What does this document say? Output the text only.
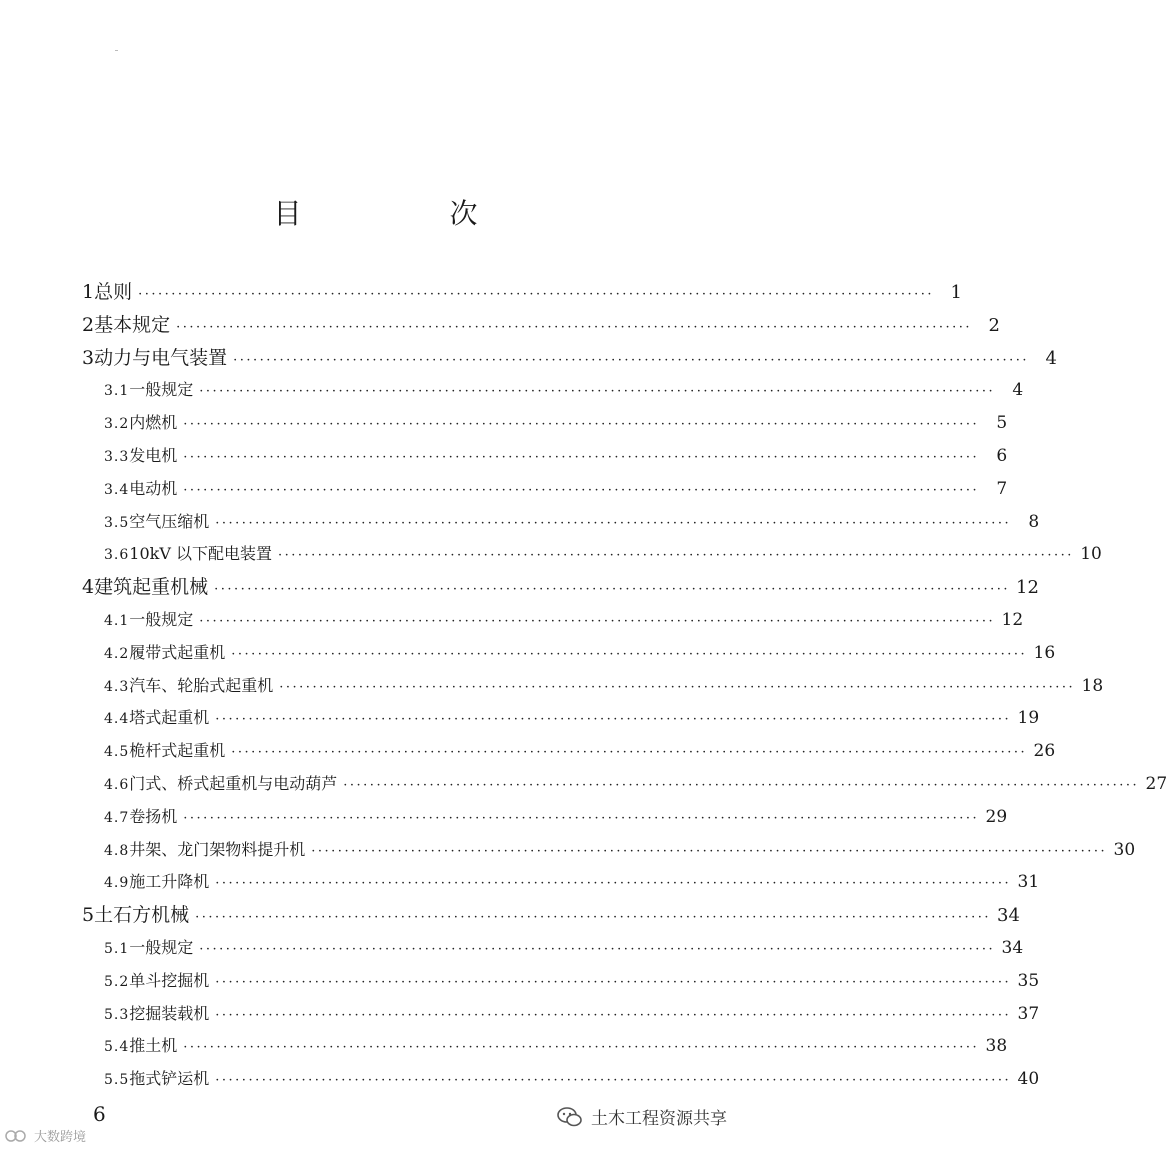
目　次
1 总则 ························································································································ 1
2 基本规定 ························································································································ 2
3 动力与电气装置 ························································································································ 4
3.1 一般规定 ························································································································	4
3.2 内燃机 ························································································································	5
3.3 发电机 ························································································································	6
3.4 电动机 ························································································································	7
3.5 空气压缩机 ························································································································	8
3.6 10kV 以下配电装置 ························································································································ 10
4 建筑起重机械 ························································································································ 12
4.1 一般规定 ························································································································ 12
4.2 履带式起重机 ························································································································ 16
4.3 汽车、轮胎式起重机 ························································································································ 18
4.4 塔式起重机 ························································································································ 19
4.5 桅杆式起重机 ························································································································ 26
4.6 门式、桥式起重机与电动葫芦 ························································································································ 27
4.7 卷扬机 ························································································································ 29
4.8 井架、龙门架物料提升机 ························································································································ 30
4.9 施工升降机 ························································································································ 31
5 土石方机械 ························································································································ 34
5.1 一般规定 ························································································································ 34
5.2 单斗挖掘机 ························································································································ 35
5.3 挖掘装载机 ························································································································ 37
5.4 推土机 ························································································································ 38
5.5 拖式铲运机 ························································································································ 40
6
大数跨境
土木工程资源共享
